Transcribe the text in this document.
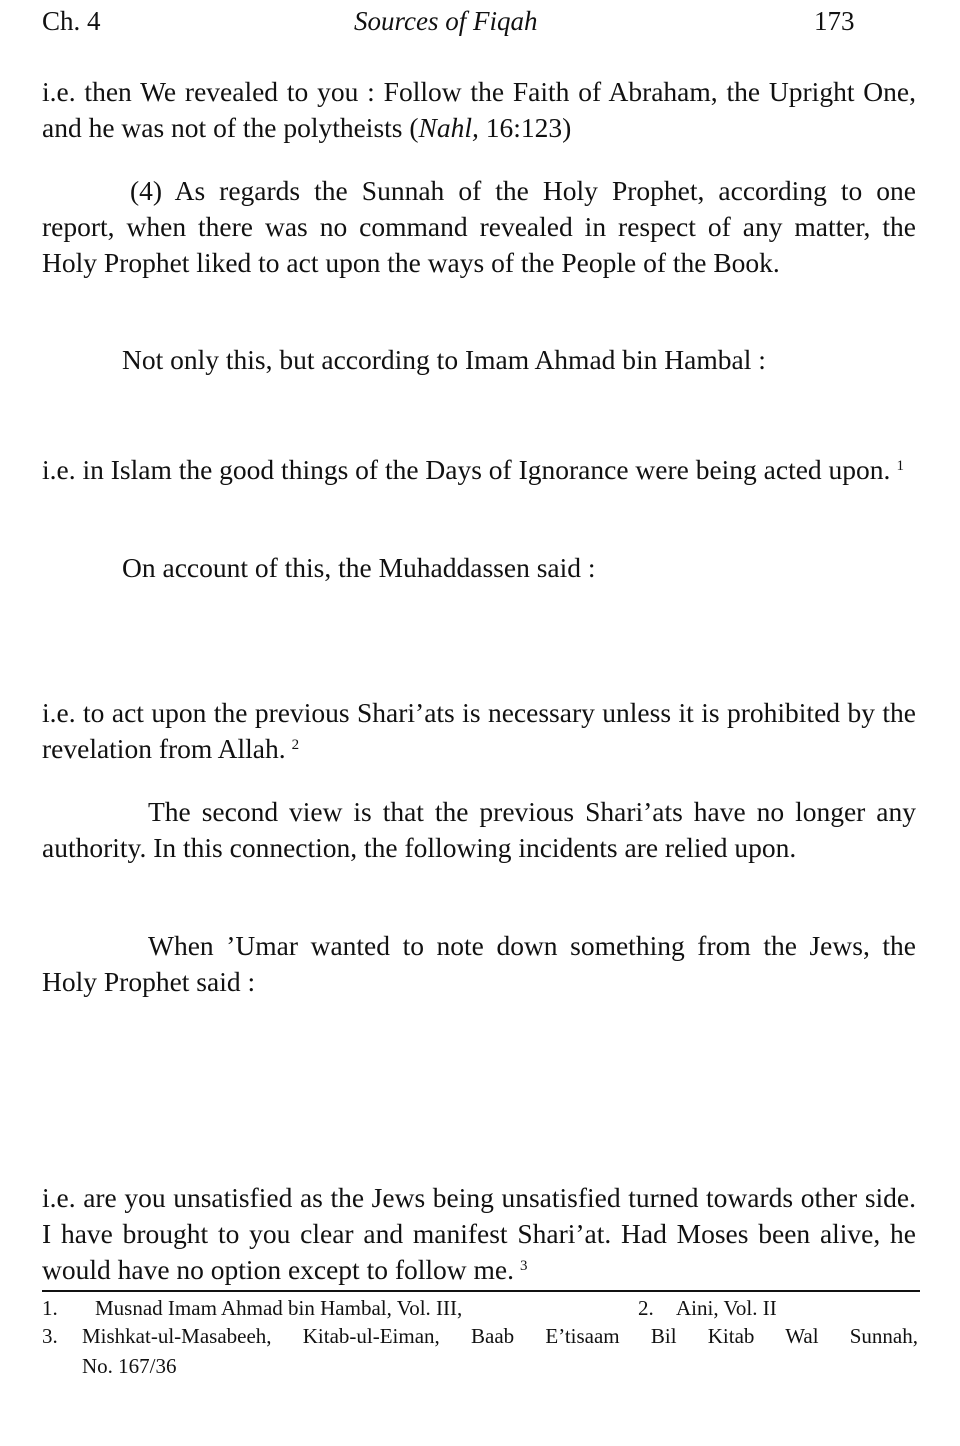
Ch. 4	Sources of Fiqah	173

i.e. then We revealed to you : Follow the Faith of Abraham, the Upright One, and he was not of the polytheists (Nahl, 16:123)

(4) As regards the Sunnah of the Holy Prophet, according to one report, when there was no command revealed in respect of any matter, the Holy Prophet liked to act upon the ways of the People of the Book.

Not only this, but according to Imam Ahmad bin Hambal :

i.e. in Islam the good things of the Days of Ignorance were being acted upon. $^1$

On account of this, the Muhaddassen said :

i.e. to act upon the previous Shari’ats is necessary unless it is prohibited by the revelation from Allah. $^2$

The second view is that the previous Shari’ats have no longer any authority. In this connection, the following incidents are relied upon.

When ’Umar wanted to note down something from the Jews, the Holy Prophet said :

i.e. are you unsatisfied as the Jews being unsatisfied turned towards other side. I have brought to you clear and manifest Shari’at. Had Moses been alive, he would have no option except to follow me. $^3$

1. Musnad Imam Ahmad bin Hambal, Vol. III,	2. Aini, Vol. II
3. Mishkat-ul-Masabeeh, Kitab-ul-Eiman, Baab E’tisaam Bil Kitab Wal Sunnah,
No. 167/36
